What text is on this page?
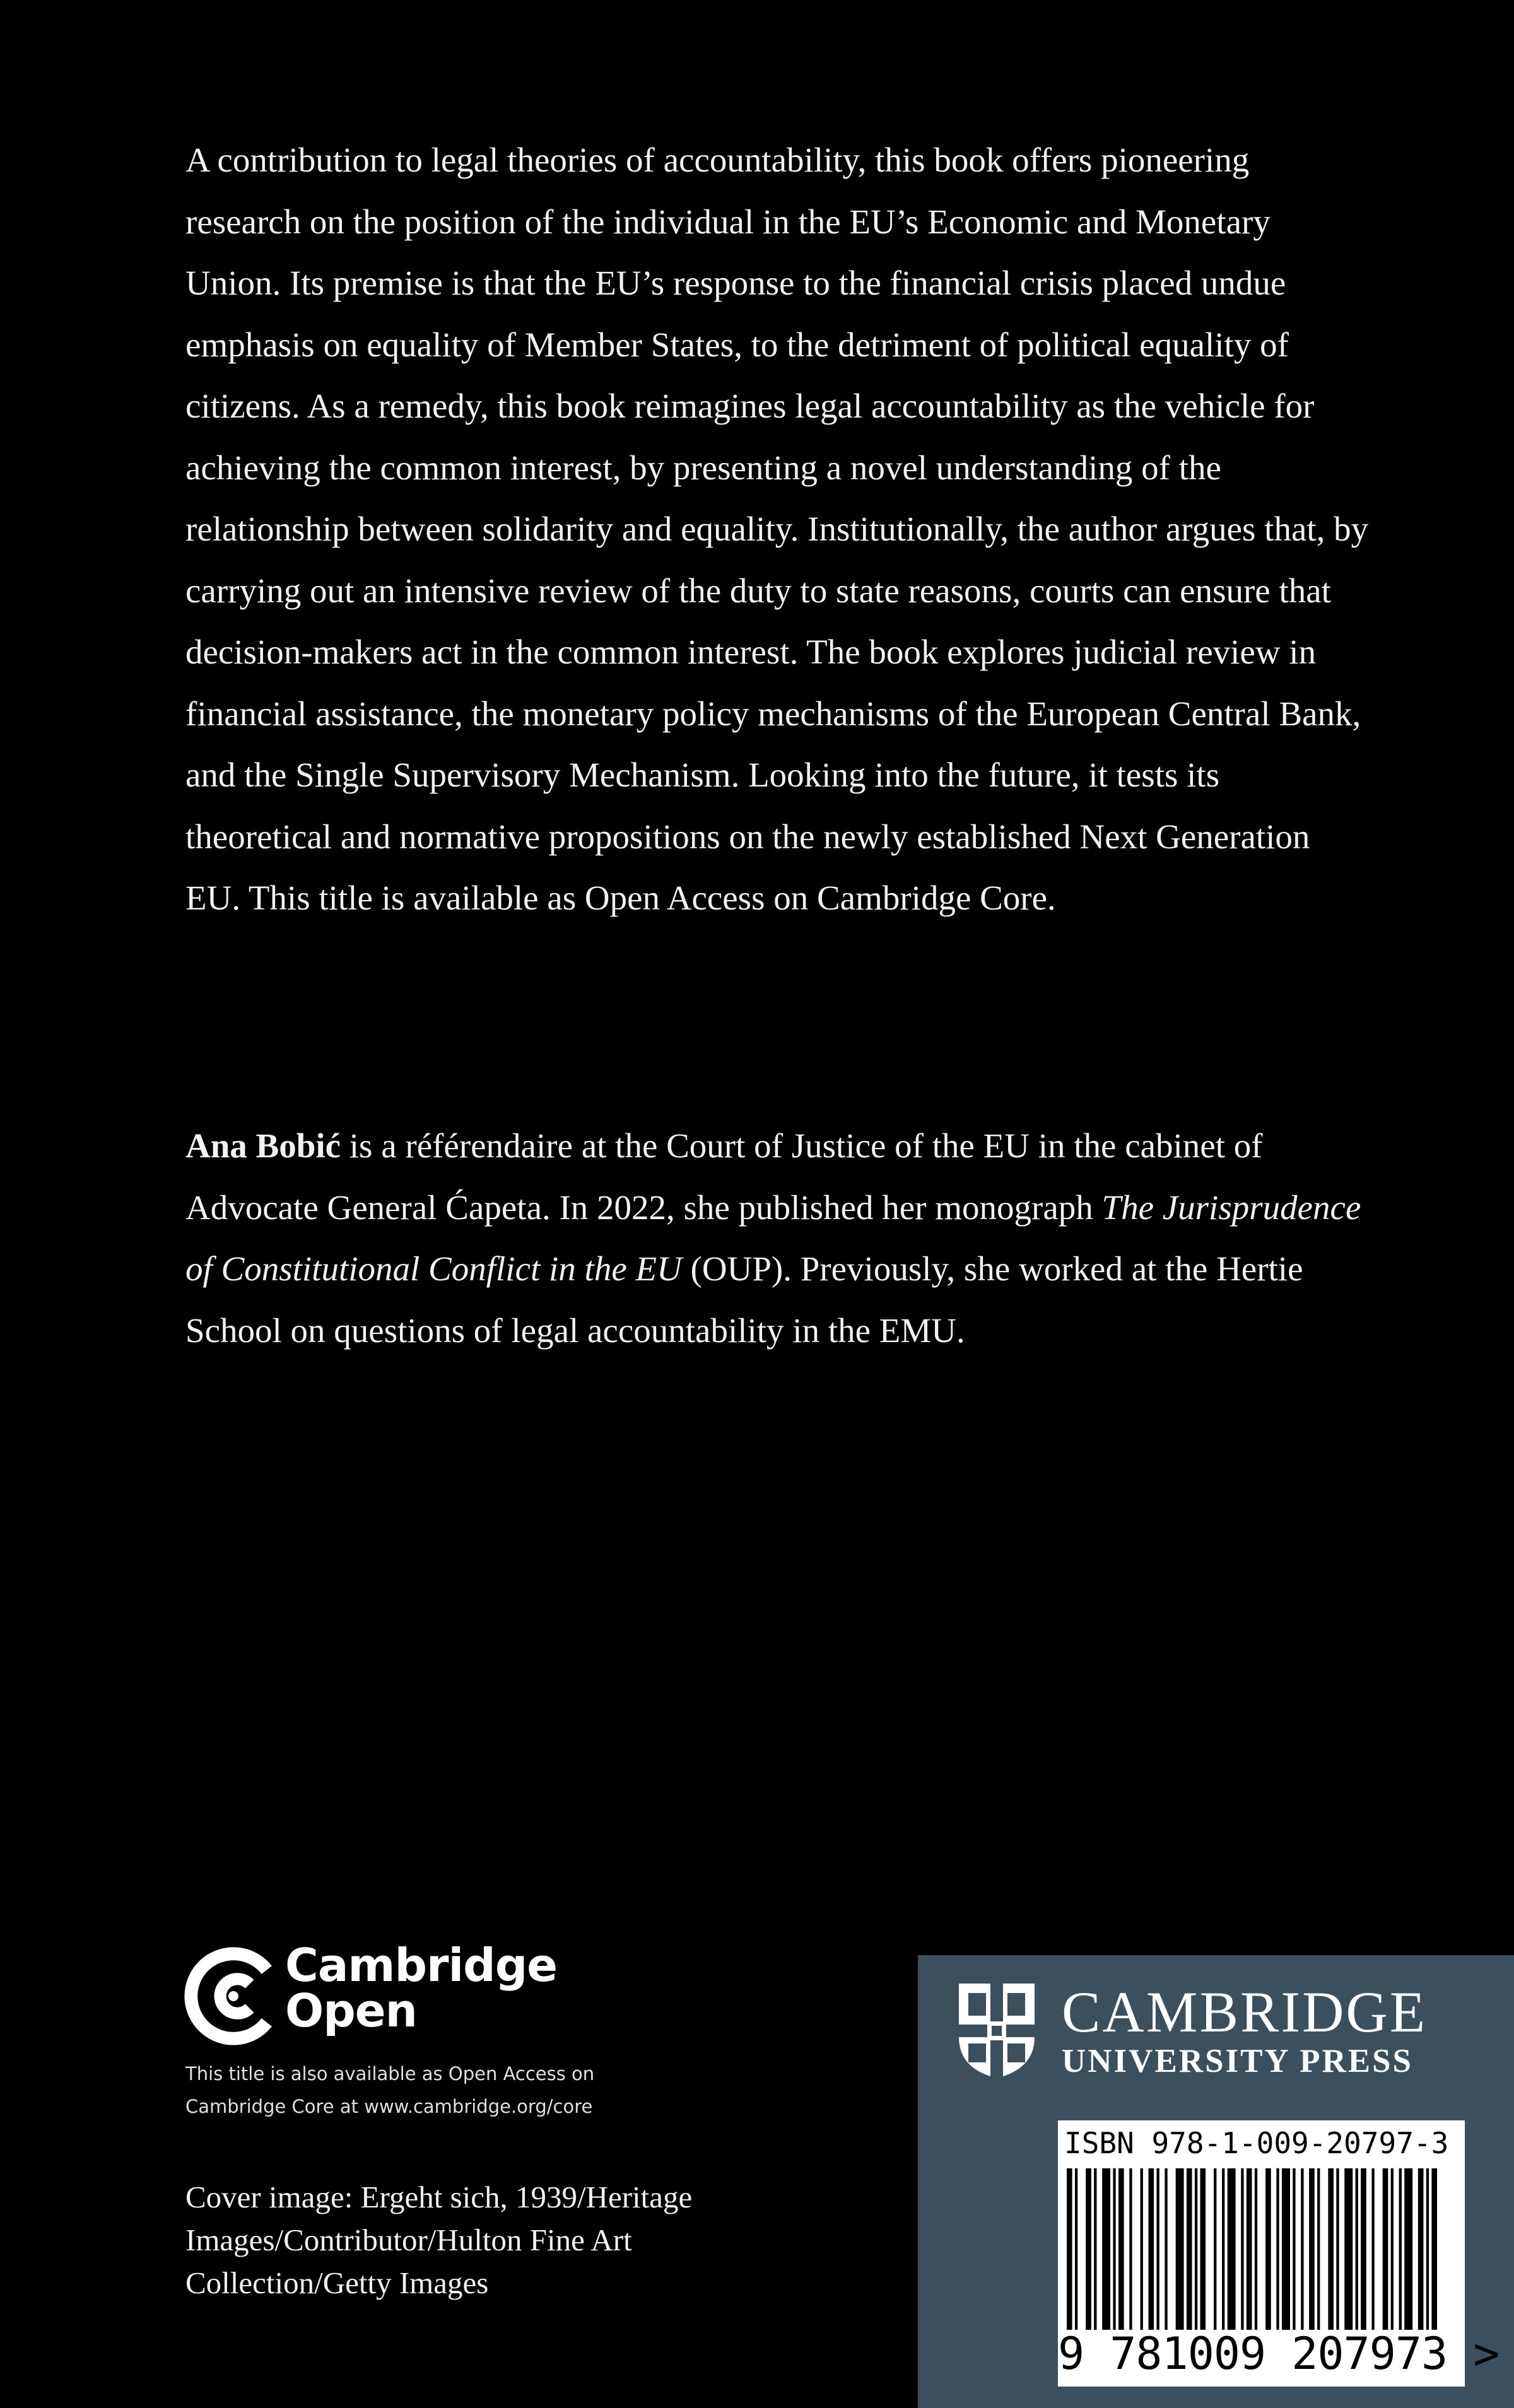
A contribution to legal theories of accountability, this book offers pioneering research on the position of the individual in the EU’s Economic and Monetary Union. Its premise is that the EU’s response to the financial crisis placed undue emphasis on equality of Member States, to the detriment of political equality of citizens. As a remedy, this book reimagines legal accountability as the vehicle for achieving the common interest, by presenting a novel understanding of the relationship between solidarity and equality. Institutionally, the author argues that, by carrying out an intensive review of the duty to state reasons, courts can ensure that decision-makers act in the common interest. The book explores judicial review in financial assistance, the monetary policy mechanisms of the European Central Bank, and the Single Supervisory Mechanism. Looking into the future, it tests its theoretical and normative propositions on the newly established Next Generation EU. This title is available as Open Access on Cambridge Core.

Ana Bobić is a référendaire at the Court of Justice of the EU in the cabinet of Advocate General Ćapeta. In 2022, she published her monograph The Jurisprudence of Constitutional Conflict in the EU (OUP). Previously, she worked at the Hertie School on questions of legal accountability in the EMU.

Cambridge
Open
This title is also available as Open Access on Cambridge Core at www.cambridge.org/core
Cover image: Ergeht sich, 1939/Heritage Images/Contributor/Hulton Fine Art Collection/Getty Images
CAMBRIDGE
UNIVERSITY PRESS
ISBN 978-1-009-20797-3
9 781009 207973 >
